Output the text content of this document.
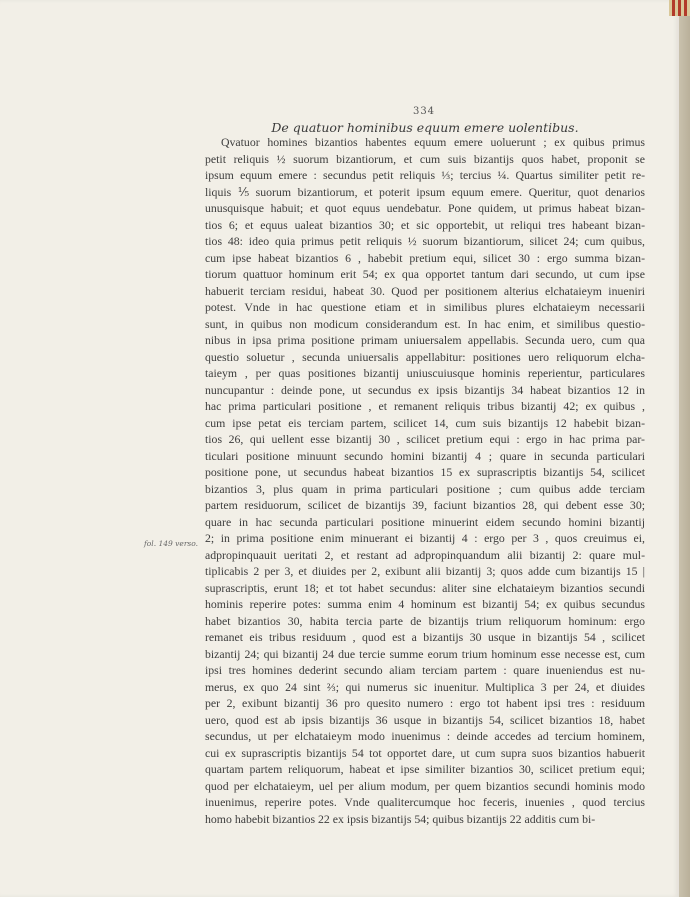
334
De quatuor hominibus equum emere uolentibus.
fol. 149 verso.
Qvatuor homines bizantios habentes equum emere uoluerunt ; ex quibus primus
petit reliquis ½ suorum bizantiorum, et cum suis bizantijs quos habet, proponit se
ipsum equum emere : secundus petit reliquis ⅓; tercius ¼. Quartus similiter petit re-
liquis ⅕ suorum bizantiorum, et poterit ipsum equum emere. Queritur, quot denarios
unusquisque habuit; et quot equus uendebatur. Pone quidem, ut primus habeat bizan-
tios 6; et equus ualeat bizantios 30; et sic opportebit, ut reliqui tres habeant bizan-
tios 48: ideo quia primus petit reliquis ½ suorum bizantiorum, silicet 24; cum quibus,
cum ipse habeat bizantios 6 , habebit pretium equi, silicet 30 : ergo summa bizan-
tiorum quattuor hominum erit 54; ex qua opportet tantum dari secundo, ut cum ipse
habuerit terciam residui, habeat 30. Quod per positionem alterius elchataieym inueniri
potest. Vnde in hac questione etiam et in similibus plures elchataieym necessarii
sunt, in quibus non modicum considerandum est. In hac enim, et similibus questio-
nibus in ipsa prima positione primam uniuersalem appellabis. Secunda uero, cum qua
questio soluetur , secunda uniuersalis appellabitur: positiones uero reliquorum elcha-
taieym , per quas positiones bizantij uniuscuiusque hominis reperientur, particulares
nuncupantur : deinde pone, ut secundus ex ipsis bizantijs 34 habeat bizantios 12 in
hac prima particulari positione , et remanent reliquis tribus bizantij 42; ex quibus ,
cum ipse petat eis terciam partem, scilicet 14, cum suis bizantijs 12 habebit bizan-
tios 26, qui uellent esse bizantij 30 , scilicet pretium equi : ergo in hac prima par-
ticulari positione minuunt secundo homini bizantij 4 ; quare in secunda particulari
positione pone, ut secundus habeat bizantios 15 ex suprascriptis bizantijs 54, scilicet
bizantios 3, plus quam in prima particulari positione ; cum quibus adde terciam
partem residuorum, scilicet de bizantijs 39, faciunt bizantios 28, qui debent esse 30;
quare in hac secunda particulari positione minuerint eidem secundo homini bizantij
2; in prima positione enim minuerant ei bizantij 4 : ergo per 3 , quos creuimus ei,
adpropinquauit ueritati 2, et restant ad adpropinquandum alii bizantij 2: quare mul-
tiplicabis 2 per 3, et diuides per 2, exibunt alii bizantij 3; quos adde cum bizantijs 15 |
suprascriptis, erunt 18; et tot habet secundus: aliter sine elchataieym bizantios secundi
hominis reperire potes: summa enim 4 hominum est bizantij 54; ex quibus secundus
habet bizantios 30, habita tercia parte de bizantijs trium reliquorum hominum: ergo
remanet eis tribus residuum , quod est a bizantijs 30 usque in bizantijs 54 , scilicet
bizantij 24; qui bizantij 24 due tercie summe eorum trium hominum esse necesse est, cum
ipsi tres homines dederint secundo aliam terciam partem : quare inueniendus est nu-
merus, ex quo 24 sint ⅔; qui numerus sic inuenitur. Multiplica 3 per 24, et diuides
per 2, exibunt bizantij 36 pro quesito numero : ergo tot habent ipsi tres : residuum
uero, quod est ab ipsis bizantijs 36 usque in bizantijs 54, scilicet bizantios 18, habet
secundus, ut per elchataieym modo inuenimus : deinde accedes ad tercium hominem,
cui ex suprascriptis bizantijs 54 tot opportet dare, ut cum supra suos bizantios habuerit
quartam partem reliquorum, habeat et ipse similiter bizantios 30, scilicet pretium equi;
quod per elchataieym, uel per alium modum, per quem bizantios secundi hominis modo
inuenimus, reperire potes. Vnde qualitercumque hoc feceris, inuenies , quod tercius
homo habebit bizantios 22 ex ipsis bizantijs 54; quibus bizantijs 22 additis cum bi-
